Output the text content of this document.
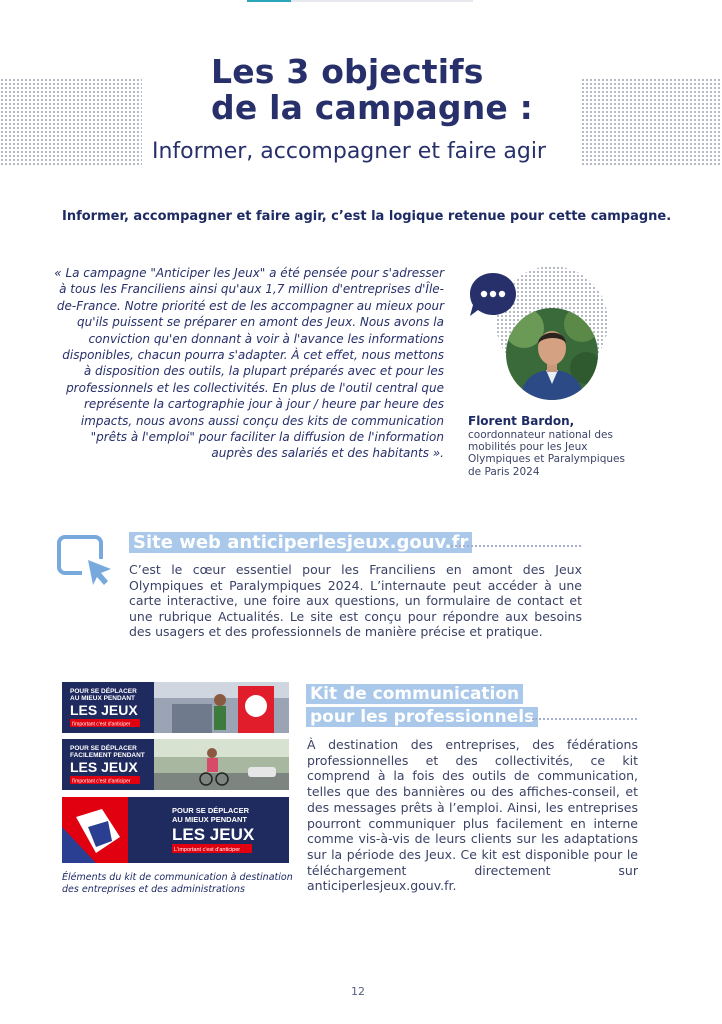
Les 3 objectifs
de la campagne :
Informer, accompagner et faire agir
Informer, accompagner et faire agir, c’est la logique retenue pour cette campagne.

« La campagne "Anticiper les Jeux" a été pensée pour s'adresser à tous les Franciliens ainsi qu'aux 1,7 million d'entreprises d'Île-de-France. Notre priorité est de les accompagner au mieux pour qu'ils puissent se préparer en amont des Jeux. Nous avons la conviction qu'en donnant à voir à l'avance les informations disponibles, chacun pourra s'adapter. À cet effet, nous mettons à disposition des outils, la plupart préparés avec et pour les professionnels et les collectivités. En plus de l'outil central que représente la cartographie jour à jour / heure par heure des impacts, nous avons aussi conçu des kits de communication "prêts à l'emploi" pour faciliter la diffusion de l'information auprès des salariés et des habitants ».

Florent Bardon,
coordonnateur national des mobilités pour les Jeux Olympiques et Paralympiques de Paris 2024
Site web anticiperlesjeux.gouv.fr

C’est le cœur essentiel pour les Franciliens en amont des Jeux Olympiques et Paralympiques 2024. L’internaute peut accéder à une carte interactive, une foire aux questions, un formulaire de contact et une rubrique Actualités. Le site est conçu pour répondre aux besoins des usagers et des professionnels de manière précise et pratique.

POUR SE DÉPLACER
AU MIEUX PENDANT
LES JEUX
l'important c'est d'anticiper
POUR SE DÉPLACER
FACILEMENT PENDANT
LES JEUX
l'important c'est d'anticiper
POUR SE DÉPLACER
AU MIEUX PENDANT
LES JEUX
L'important c'est d'anticiper

Éléments du kit de communication à destination des entreprises et des administrations

Kit de communication
pour les professionnels

À destination des entreprises, des fédérations professionnelles et des collectivités, ce kit comprend à la fois des outils de communication, telles que des bannières ou des affiches-conseil, et des messages prêts à l’emploi. Ainsi, les entreprises pourront communiquer plus facilement en interne comme vis-à-vis de leurs clients sur les adaptations sur la période des Jeux. Ce kit est disponible pour le téléchargement directement sur anticiperlesjeux.gouv.fr.

12
